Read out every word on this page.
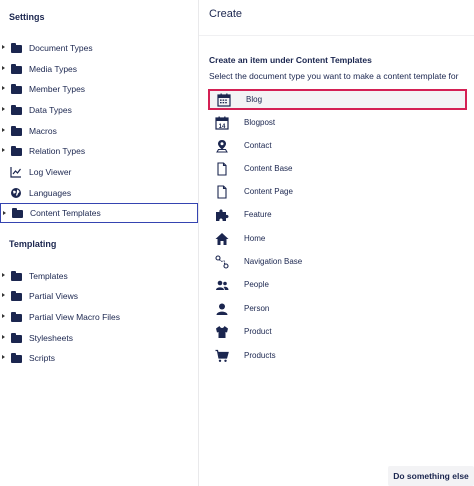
Settings
Document Types
Media Types
Member Types
Data Types
Macros
Relation Types
Log Viewer
Languages
Content Templates
Templating
Templates
Partial Views
Partial View Macro Files
Stylesheets
Scripts
Create
Create an item under Content Templates
Select the document type you want to make a content template for
Blog
14 Blogpost
Contact
Content Base
Content Page
Feature
Home
Navigation Base
People
Person
Product
Products
Do something else
